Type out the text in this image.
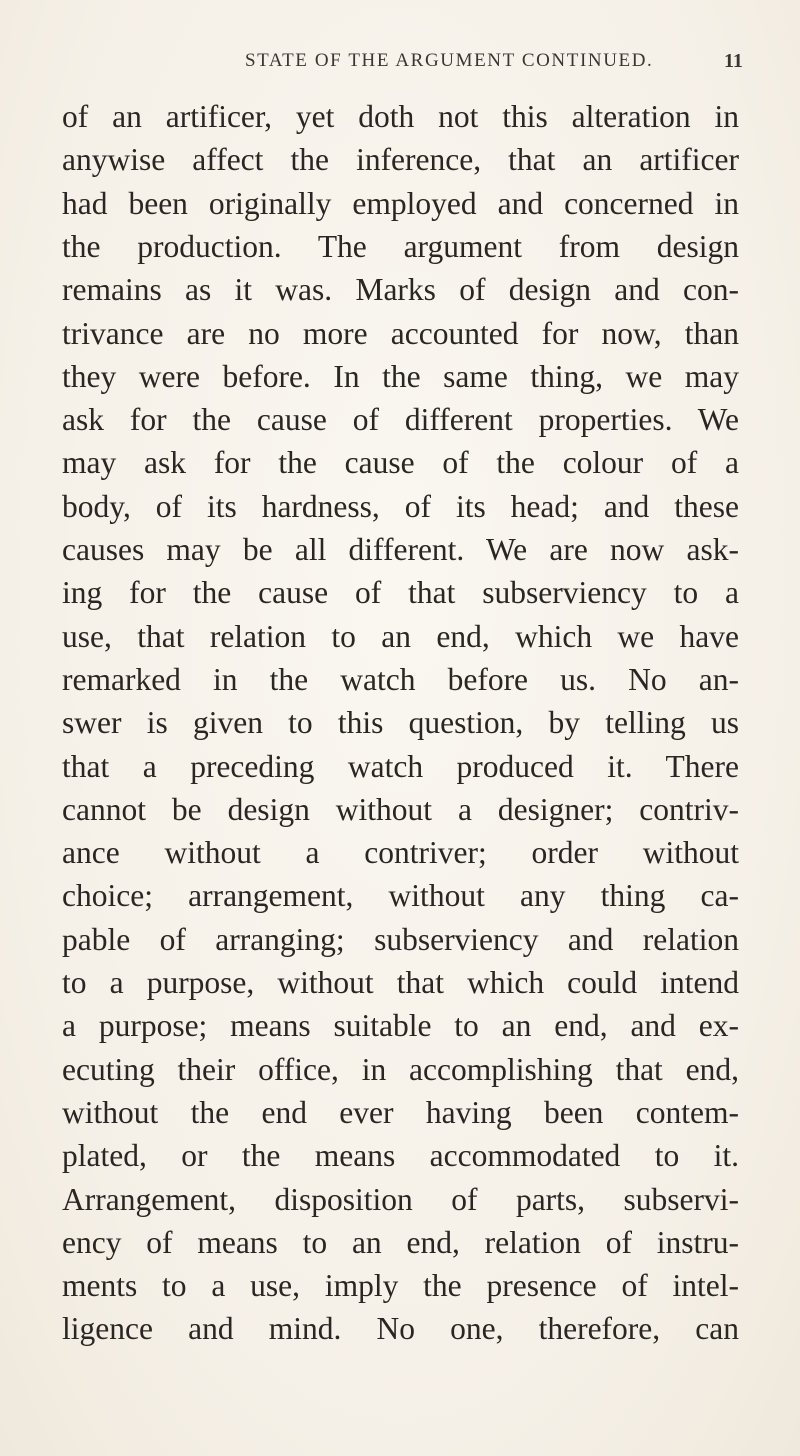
STATE OF THE ARGUMENT CONTINUED.	11
of an artificer, yet doth not this alteration in
anywise affect the inference, that an artificer
had been originally employed and concerned in
the production. The argument from design
remains as it was. Marks of design and con-
trivance are no more accounted for now, than
they were before. In the same thing, we may
ask for the cause of different properties. We
may ask for the cause of the colour of a
body, of its hardness, of its head; and these
causes may be all different. We are now ask-
ing for the cause of that subserviency to a
use, that relation to an end, which we have
remarked in the watch before us. No an-
swer is given to this question, by telling us
that a preceding watch produced it. There
cannot be design without a designer; contriv-
ance without a contriver; order without
choice; arrangement, without any thing ca-
pable of arranging; subserviency and relation
to a purpose, without that which could intend
a purpose; means suitable to an end, and ex-
ecuting their office, in accomplishing that end,
without the end ever having been contem-
plated, or the means accommodated to it.
Arrangement, disposition of parts, subservi-
ency of means to an end, relation of instru-
ments to a use, imply the presence of intel-
ligence and mind. No one, therefore, can
